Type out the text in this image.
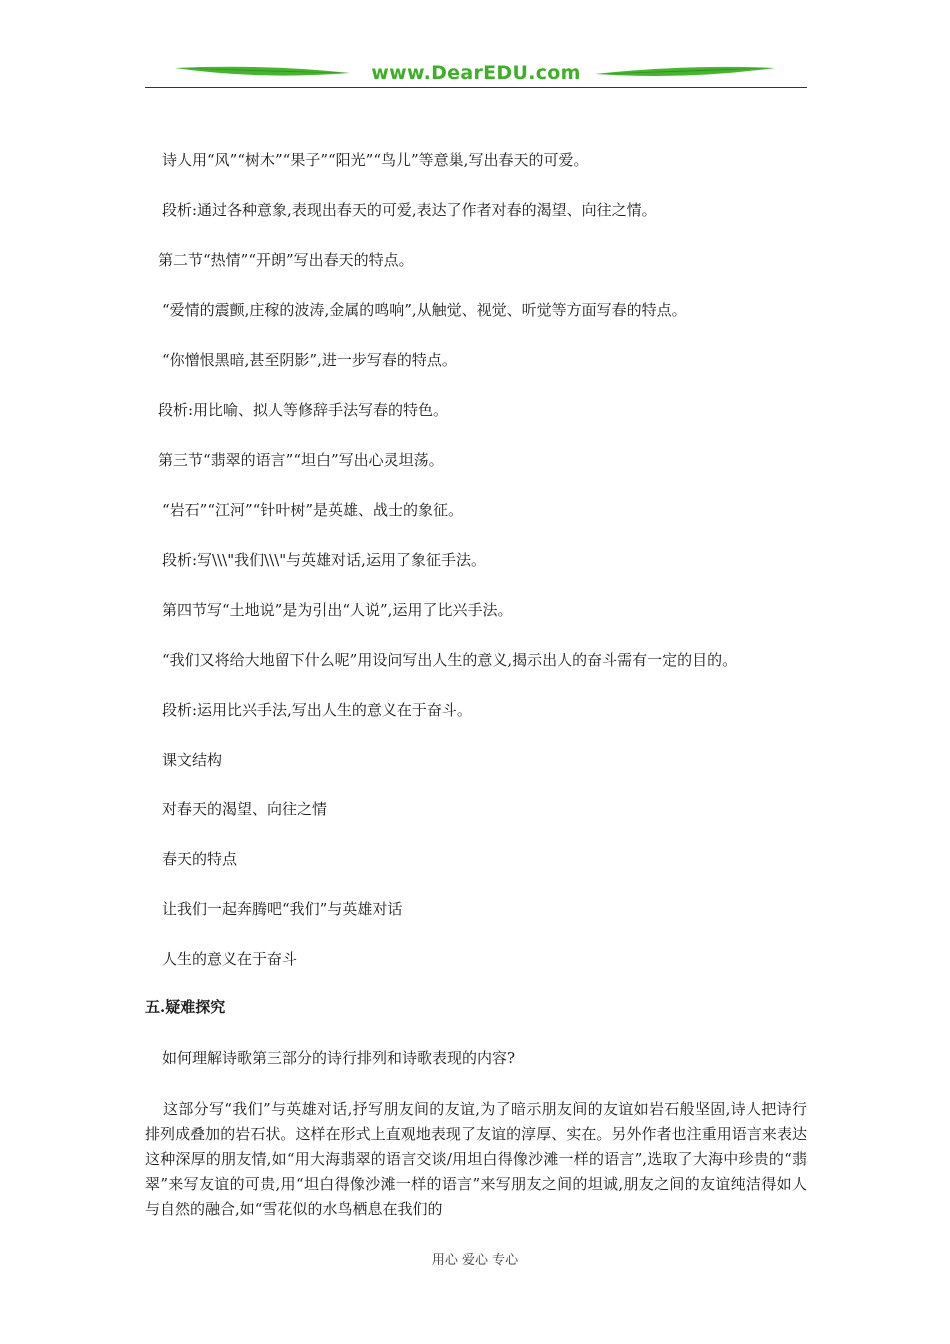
www.DearEDU.com
诗人用“风”“树木”“果子”“阳光”“鸟儿”等意巢,写出春天的可爱。
段析:通过各种意象,表现出春天的可爱,表达了作者对春的渴望、向往之情。
第二节“热情”“开朗”写出春天的特点。
“爱情的震颤,庄稼的波涛,金属的鸣响”,从触觉、视觉、听觉等方面写春的特点。
“你憎恨黑暗,甚至阴影”,进一步写春的特点。
段析:用比喻、拟人等修辞手法写春的特色。
第三节“翡翠的语言”“坦白”写出心灵坦荡。
“岩石”“江河”“针叶树”是英雄、战士的象征。
段析:写\\\"我们\\\"与英雄对话,运用了象征手法。
第四节写“土地说”是为引出“人说”,运用了比兴手法。
“我们又将给大地留下什么呢”用设问写出人生的意义,揭示出人的奋斗需有一定的目的。
段析:运用比兴手法,写出人生的意义在于奋斗。
课文结构
对春天的渴望、向往之情
春天的特点
让我们一起奔腾吧“我们”与英雄对话
人生的意义在于奋斗
五.疑难探究
如何理解诗歌第三部分的诗行排列和诗歌表现的内容?
这部分写“我们”与英雄对话,抒写朋友间的友谊,为了暗示朋友间的友谊如岩石般坚固,诗人把诗行排列成叠加的岩石状。这样在形式上直观地表现了友谊的淳厚、实在。另外作者也注重用语言来表达这种深厚的朋友情,如“用大海翡翠的语言交谈/用坦白得像沙滩一样的语言”,选取了大海中珍贵的“翡翠”来写友谊的可贵,用“坦白得像沙滩一样的语言”来写朋友之间的坦诚,朋友之间的友谊纯洁得如人与自然的融合,如“雪花似的水鸟栖息在我们的
用心 爱心 专心
